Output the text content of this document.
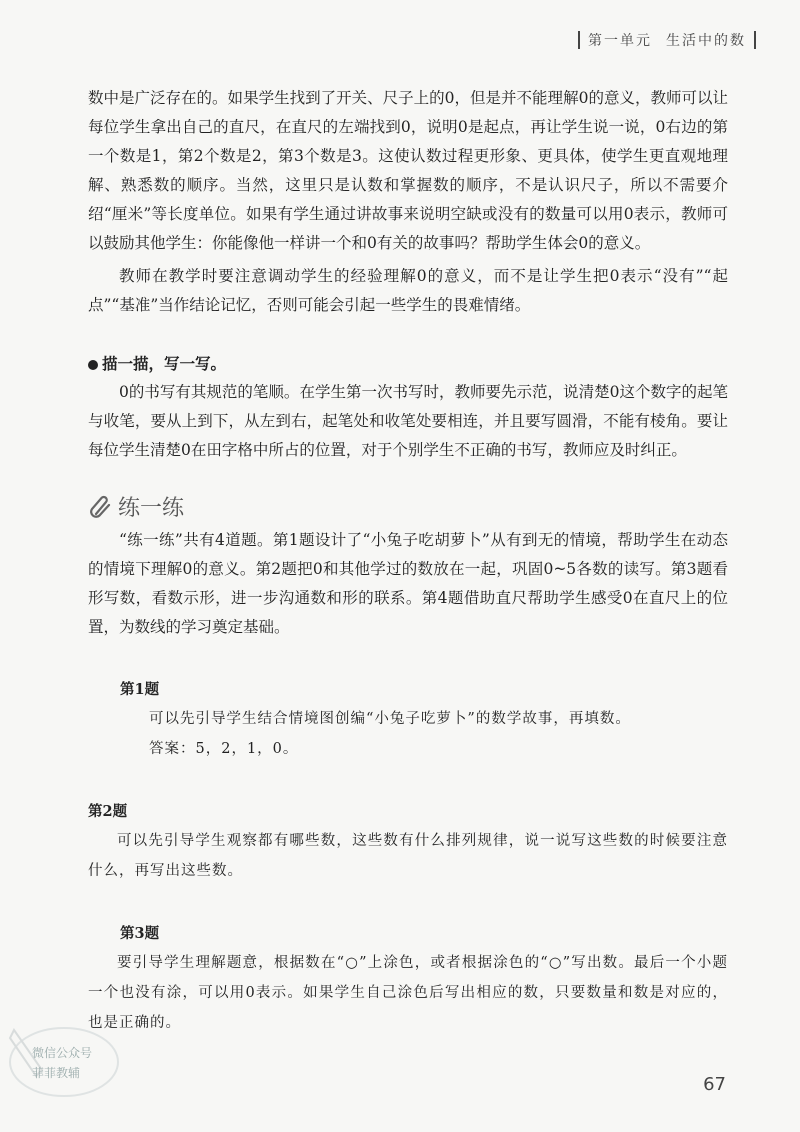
第一单元 生活中的数

数中是广泛存在的。如果学生找到了开关、尺子上的0，但是并不能理解0的意义，教师可以让每位学生拿出自己的直尺，在直尺的左端找到0，说明0是起点，再让学生说一说，0右边的第一个数是1，第2个数是2，第3个数是3。这使认数过程更形象、更具体，使学生更直观地理解、熟悉数的顺序。当然，这里只是认数和掌握数的顺序，不是认识尺子，所以不需要介绍“厘米”等长度单位。如果有学生通过讲故事来说明空缺或没有的数量可以用0表示，教师可以鼓励其他学生：你能像他一样讲一个和0有关的故事吗？帮助学生体会0的意义。

教师在教学时要注意调动学生的经验理解0的意义，而不是让学生把0表示“没有”“起点”“基准”当作结论记忆，否则可能会引起一些学生的畏难情绪。

描一描，写一写。

0的书写有其规范的笔顺。在学生第一次书写时，教师要先示范，说清楚0这个数字的起笔与收笔，要从上到下，从左到右，起笔处和收笔处要相连，并且要写圆滑，不能有棱角。要让每位学生清楚0在田字格中所占的位置，对于个别学生不正确的书写，教师应及时纠正。

练一练

“练一练”共有4道题。第1题设计了“小兔子吃胡萝卜”从有到无的情境，帮助学生在动态的情境下理解0的意义。第2题把0和其他学过的数放在一起，巩固0~5各数的读写。第3题看形写数，看数示形，进一步沟通数和形的联系。第4题借助直尺帮助学生感受0在直尺上的位置，为数线的学习奠定基础。

第1题

可以先引导学生结合情境图创编“小兔子吃萝卜”的数学故事，再填数。

答案：5，2，1，0。

第2题

可以先引导学生观察都有哪些数，这些数有什么排列规律，说一说写这些数的时候要注意什么，再写出这些数。

第3题

要引导学生理解题意，根据数在“○”上涂色，或者根据涂色的“○”写出数。最后一个小题一个也没有涂，可以用0表示。如果学生自己涂色后写出相应的数，只要数量和数是对应的，也是正确的。

微信公众号
菲菲教辅
67
